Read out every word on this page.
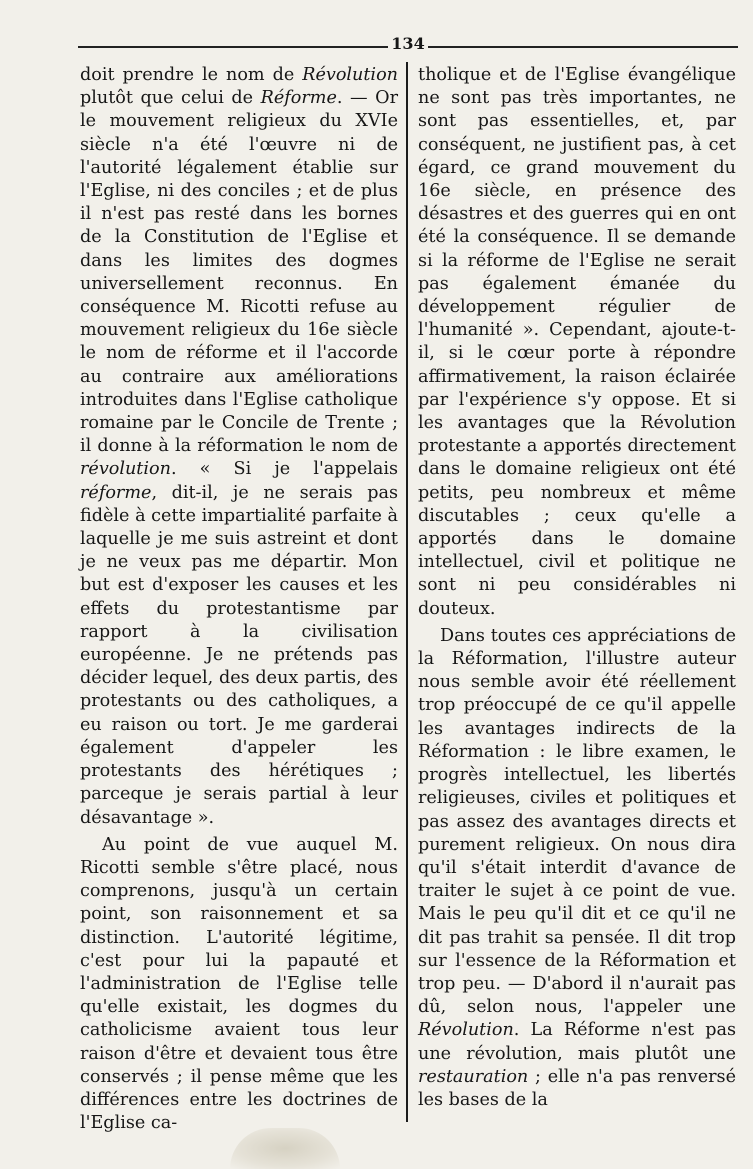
134

doit prendre le nom de Révolution plutôt que celui de Réforme. — Or le mouvement religieux du XVIe siècle n'a été l'œuvre ni de l'autorité légalement établie sur l'Eglise, ni des conciles ; et de plus il n'est pas resté dans les bornes de la Constitution de l'Eglise et dans les limites des dogmes universellement reconnus. En conséquence M. Ricotti refuse au mouvement religieux du 16e siècle le nom de réforme et il l'accorde au contraire aux améliorations introduites dans l'Eglise catholique romaine par le Concile de Trente ; il donne à la réformation le nom de révolution. « Si je l'appelais réforme, dit-il, je ne serais pas fidèle à cette impartialité parfaite à laquelle je me suis astreint et dont je ne veux pas me départir. Mon but est d'exposer les causes et les effets du protestantisme par rapport à la civilisation européenne. Je ne prétends pas décider lequel, des deux partis, des protestants ou des catholiques, a eu raison ou tort. Je me garderai également d'appeler les protestants des hérétiques ; parceque je serais partial à leur désavantage ».

Au point de vue auquel M. Ricotti semble s'être placé, nous comprenons, jusqu'à un certain point, son raisonnement et sa distinction. L'autorité légitime, c'est pour lui la papauté et l'administration de l'Eglise telle qu'elle existait, les dogmes du catholicisme avaient tous leur raison d'être et devaient tous être conservés ; il pense même que les différences entre les doctrines de l'Eglise ca-

tholique et de l'Eglise évangélique ne sont pas très importantes, ne sont pas essentielles, et, par conséquent, ne justifient pas, à cet égard, ce grand mouvement du 16e siècle, en présence des désastres et des guerres qui en ont été la conséquence. Il se demande si la réforme de l'Eglise ne serait pas également émanée du développement régulier de l'humanité ». Cependant, ajoute-t-il, si le cœur porte à répondre affirmativement, la raison éclairée par l'expérience s'y oppose. Et si les avantages que la Révolution protestante a apportés directement dans le domaine religieux ont été petits, peu nombreux et même discutables ; ceux qu'elle a apportés dans le domaine intellectuel, civil et politique ne sont ni peu considérables ni douteux.

Dans toutes ces appréciations de la Réformation, l'illustre auteur nous semble avoir été réellement trop préoccupé de ce qu'il appelle les avantages indirects de la Réformation : le libre examen, le progrès intellectuel, les libertés religieuses, civiles et politiques et pas assez des avantages directs et purement religieux. On nous dira qu'il s'était interdit d'avance de traiter le sujet à ce point de vue. Mais le peu qu'il dit et ce qu'il ne dit pas trahit sa pensée. Il dit trop sur l'essence de la Réformation et trop peu. — D'abord il n'aurait pas dû, selon nous, l'appeler une Révolution. La Réforme n'est pas une révolution, mais plutôt une restauration ; elle n'a pas renversé les bases de la
